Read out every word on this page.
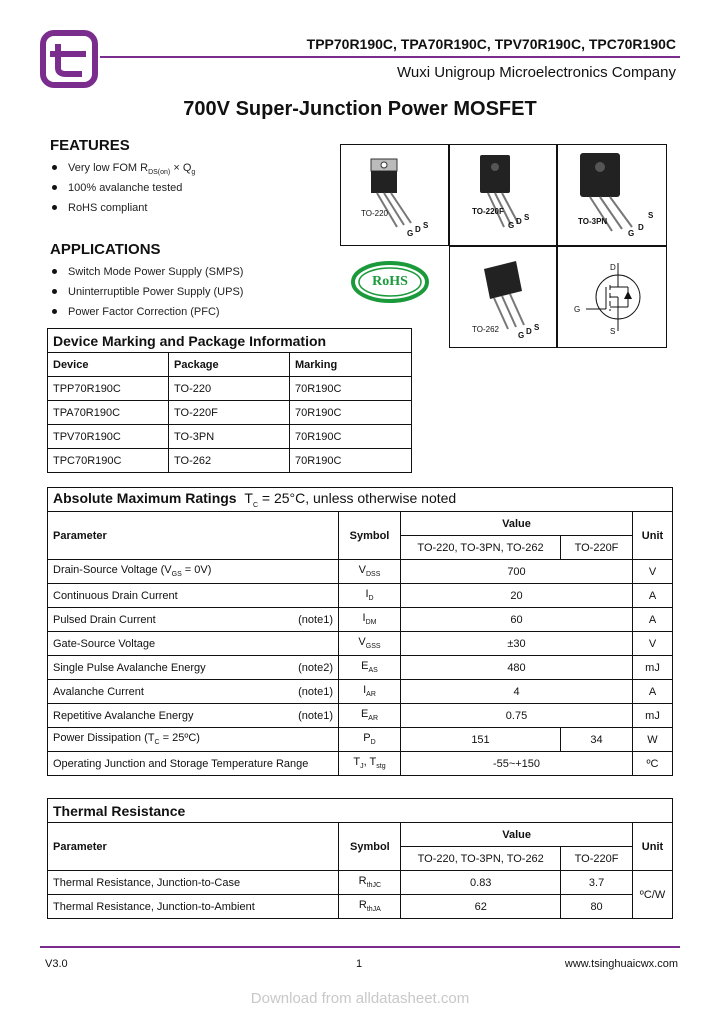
TPP70R190C, TPA70R190C, TPV70R190C, TPC70R190C
Wuxi Unigroup Microelectronics Company
700V Super-Junction Power MOSFET
FEATURES
Very low FOM $R_{DS(on)} \times Q_g$
100% avalanche tested
RoHS compliant
APPLICATIONS
Switch Mode Power Supply (SMPS)
Uninterruptible Power Supply (UPS)
Power Factor Correction (PFC)
TO-220
G D S
TO-220F
G D S	TO-3PN
G
D
S
TO-262
G D S
D
G
S
RoHS
Device Marking and Package Information		
Device	Package	Marking
TPP70R190C	TO-220	70R190C
TPA70R190C	TO-220F	70R190C
TPV70R190C	TO-3PN	70R190C
TPC70R190C	TO-262	70R190C
Absolute Maximum Ratings $T_C = 25^\circ C$, unless otherwise noted					
Parameter		Symbol	Value		Unit
			TO-220, TO-3PN, TO-262	TO-220F	
Drain-Source Voltage $(V_{GS} = 0V)$		$V_{DSS}$	700		V
Continuous Drain Current		$I_D$	20		A
Pulsed Drain Current	(note1)	$I_{DM}$	60		A
Gate-Source Voltage		$V_{GSS}$	±30		V
Single Pulse Avalanche Energy	(note2)	$E_{AS}$	480		mJ
Avalanche Current	(note1)	$I_{AR}$	4		A
Repetitive Avalanche Energy	(note1)	$E_{AR}$	0.75		mJ
Power Dissipation ($T_C$ = 25ºC)		$P_D$	151	34	W
Operating Junction and Storage Temperature Range		$T_J$, $T_{stg}$	-55~+150		ºC
Thermal Resistance				
Parameter	Symbol	Value		Unit
		TO-220, TO-3PN, TO-262	TO-220F	
Thermal Resistance, Junction-to-Case	$R_{thJC}$	0.83	3.7	ºC/W
Thermal Resistance, Junction-to-Ambient	$R_{thJA}$	62	80	
V3.0	1	www.tsinghuaicwx.com
Download from alldatasheet.com
